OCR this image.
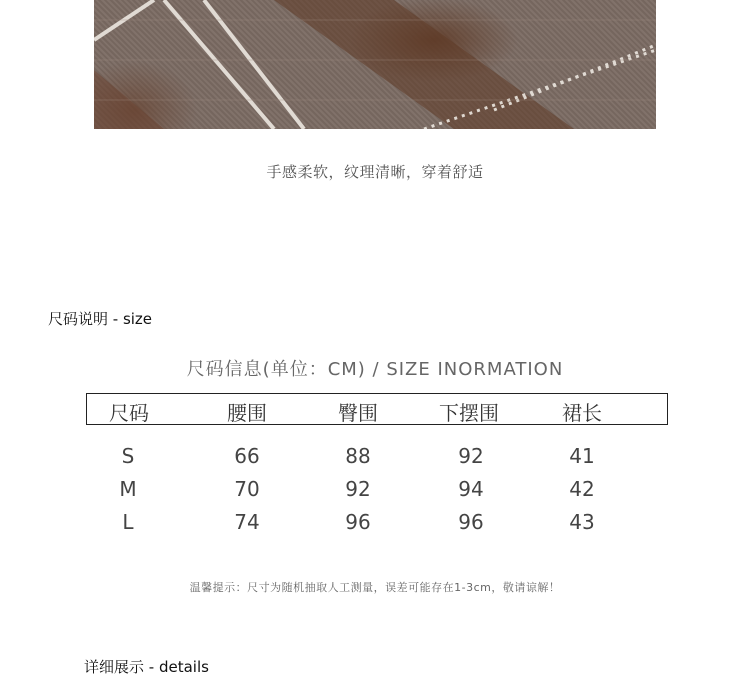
手感柔软，纹理清晰，穿着舒适
尺码说明 - size
尺码信息(单位：CM) / SIZE INORMATION
尺码	腰围	臀围	下摆围	裙长
S	66	88	92	41
M	70	92	94	42
L	74	96	96	43
温馨提示：尺寸为随机抽取人工测量，误差可能存在1-3cm，敬请谅解！
详细展示 - details
